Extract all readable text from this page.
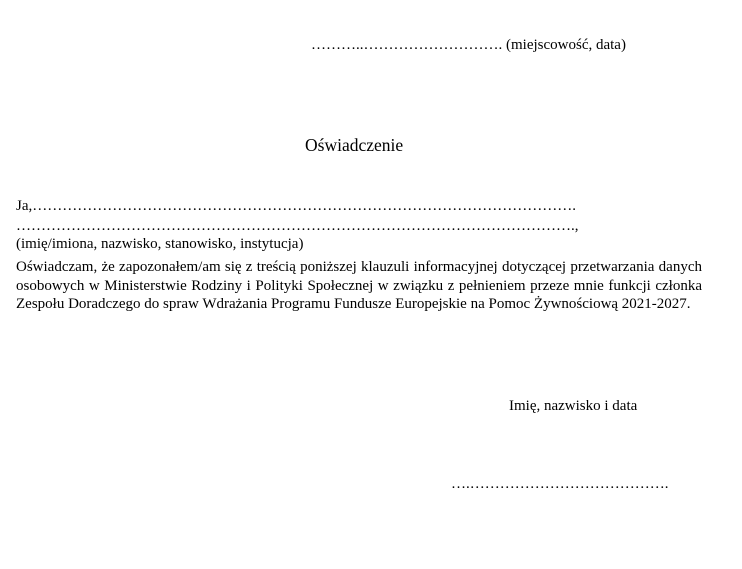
………..………………………. (miejscowość, data)
Oświadczenie
Ja,……………………………………………………………………………………………….
………………………………………………………………………………………………….,
(imię/imiona, nazwisko, stanowisko, instytucja)
Oświadczam, że zapozonałem/am się z treścią poniższej klauzuli informacyjnej dotyczącej przetwarzania danych osobowych w Ministerstwie Rodziny i Polityki Społecznej w związku z pełnieniem przeze mnie funkcji członka Zespołu Doradczego do spraw Wdrażania Programu Fundusze Europejskie na Pomoc Żywnościową 2021-2027.
Imię, nazwisko i data
….………………………………….
